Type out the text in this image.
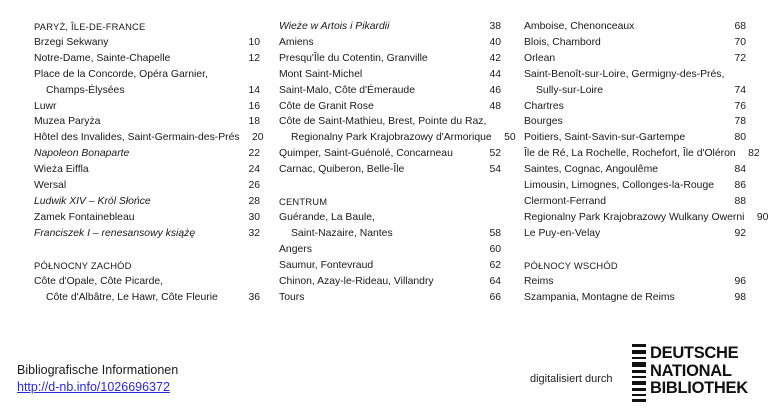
PARYŻ, ÎLE-DE-FRANCE
Brzegi Sekwany	10
Notre-Dame, Sainte-Chapelle	12
Place de la Concorde, Opéra Garnier,
Champs-Élysées	14
Luwr	16
Muzea Paryża	18
Hôtel des Invalides, Saint-Germain-des-Prés	20
Napoleon Bonaparte	22
Wieża Eiffla	24
Wersal	26
Ludwik XIV – Król Słońce	28
Zamek Fontainebleau	30
Franciszek I – renesansowy książę	32
PÓŁNOCNY ZACHÓD
Côte d'Opale, Côte Picarde,
Côte d'Albâtre, Le Hawr, Côte Fleurie	36
Wieże w Artois i Pikardii	38
Amiens	40
Presqu'Île du Cotentin, Granville	42
Mont Saint-Michel	44
Saint-Malo, Côte d'Émeraude	46
Côte de Granit Rose	48
Côte de Saint-Mathieu, Brest, Pointe du Raz,
Regionalny Park Krajobrazowy d'Armorique	50
Quimper, Saint-Guénolé, Concarneau	52
Carnac, Quiberon, Belle-Île	54
CENTRUM
Guérande, La Baule,
Saint-Nazaire, Nantes	58
Angers	60
Saumur, Fontevraud	62
Chinon, Azay-le-Rideau, Villandry	64
Tours	66
Amboise, Chenonceaux	68
Blois, Chambord	70
Orlean	72
Saint-Benoît-sur-Loire, Germigny-des-Prés,
Sully-sur-Loire	74
Chartres	76
Bourges	78
Poitiers, Saint-Savin-sur-Gartempe	80
Île de Ré, La Rochelle, Rochefort, Île d'Oléron	82
Saintes, Cognac, Angoulême	84
Limousin, Limognes, Collonges-la-Rouge	86
Clermont-Ferrand	88
Regionalny Park Krajobrazowy Wulkany Owerni	90
Le Puy-en-Velay	92
PÓŁNOCY WSCHÓD
Reims	96
Szampania, Montagne de Reims	98
Bibliografische Informationen
http://d-nb.info/1026696372
digitalisiert durch
DEUTSCHE
NATIONAL
BIBLIOTHEK
